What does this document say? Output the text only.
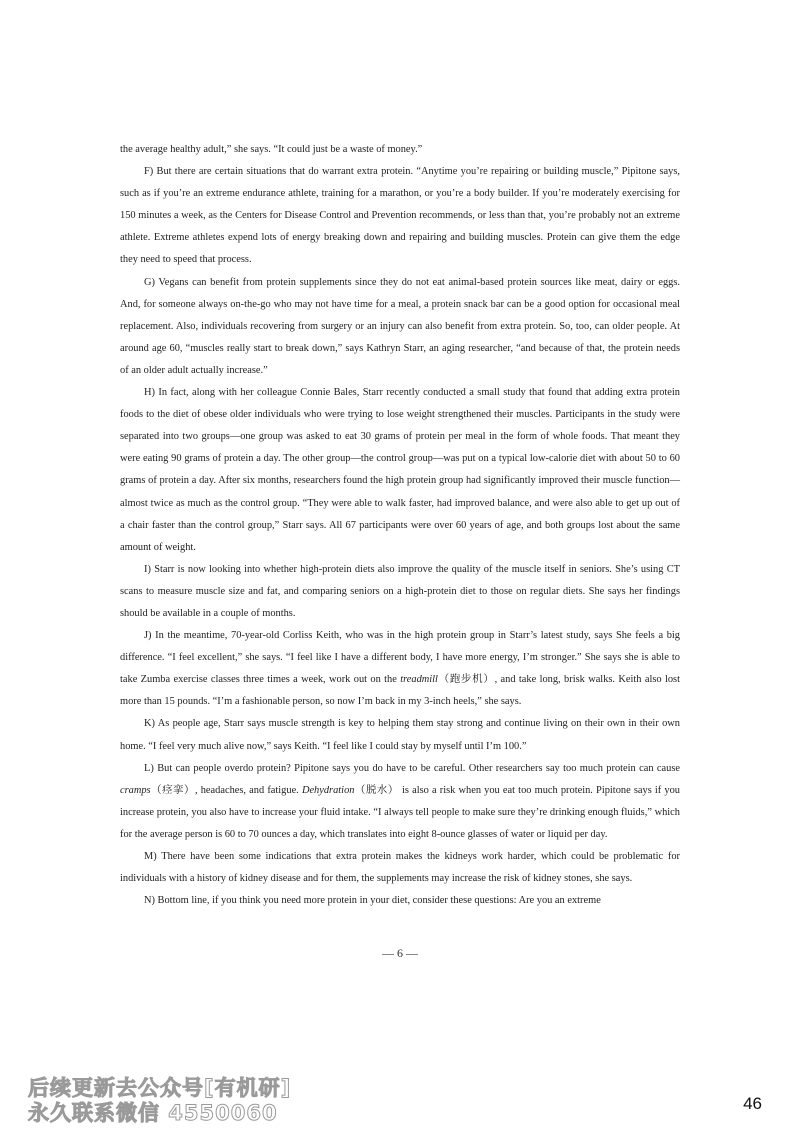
the average healthy adult,” she says. “It could just be a waste of money.”

F) But there are certain situations that do warrant extra protein. “Anytime you’re repairing or building muscle,” Pipitone says, such as if you’re an extreme endurance athlete, training for a marathon, or you’re a body builder. If you’re moderately exercising for 150 minutes a week, as the Centers for Disease Control and Prevention recommends, or less than that, you’re probably not an extreme athlete. Extreme athletes expend lots of energy breaking down and repairing and building muscles. Protein can give them the edge they need to speed that process.

G) Vegans can benefit from protein supplements since they do not eat animal-based protein sources like meat, dairy or eggs. And, for someone always on-the-go who may not have time for a meal, a protein snack bar can be a good option for occasional meal replacement. Also, individuals recovering from surgery or an injury can also benefit from extra protein. So, too, can older people. At around age 60, “muscles really start to break down,” says Kathryn Starr, an aging researcher, “and because of that, the protein needs of an older adult actually increase.”

H) In fact, along with her colleague Connie Bales, Starr recently conducted a small study that found that adding extra protein foods to the diet of obese older individuals who were trying to lose weight strengthened their muscles. Participants in the study were separated into two groups—one group was asked to eat 30 grams of protein per meal in the form of whole foods. That meant they were eating 90 grams of protein a day. The other group—the control group—was put on a typical low-calorie diet with about 50 to 60 grams of protein a day. After six months, researchers found the high protein group had significantly improved their muscle function—almost twice as much as the control group. “They were able to walk faster, had improved balance, and were also able to get up out of a chair faster than the control group,” Starr says. All 67 participants were over 60 years of age, and both groups lost about the same amount of weight.

I) Starr is now looking into whether high-protein diets also improve the quality of the muscle itself in seniors. She’s using CT scans to measure muscle size and fat, and comparing seniors on a high-protein diet to those on regular diets. She says her findings should be available in a couple of months.

J) In the meantime, 70-year-old Corliss Keith, who was in the high protein group in Starr’s latest study, says She feels a big difference. “I feel excellent,” she says. “I feel like I have a different body, I have more energy, I’m stronger.” She says she is able to take Zumba exercise classes three times a week, work out on the treadmill（跑步机）, and take long, brisk walks. Keith also lost more than 15 pounds. “I’m a fashionable person, so now I’m back in my 3-inch heels,” she says.

K) As people age, Starr says muscle strength is key to helping them stay strong and continue living on their own in their own home. “I feel very much alive now,” says Keith. “I feel like I could stay by myself until I’m 100.”

L) But can people overdo protein? Pipitone says you do have to be careful. Other researchers say too much protein can cause cramps（痉挛）, headaches, and fatigue. Dehydration（脱水） is also a risk when you eat too much protein. Pipitone says if you increase protein, you also have to increase your fluid intake. “I always tell people to make sure they’re drinking enough fluids,” which for the average person is 60 to 70 ounces a day, which translates into eight 8-ounce glasses of water or liquid per day.

M) There have been some indications that extra protein makes the kidneys work harder, which could be problematic for individuals with a history of kidney disease and for them, the supplements may increase the risk of kidney stones, she says.

N) Bottom line, if you think you need more protein in your diet, consider these questions: Are you an extreme

— 6 —
后续更新去公众号[有机研]
永久联系微信 4550060	46
